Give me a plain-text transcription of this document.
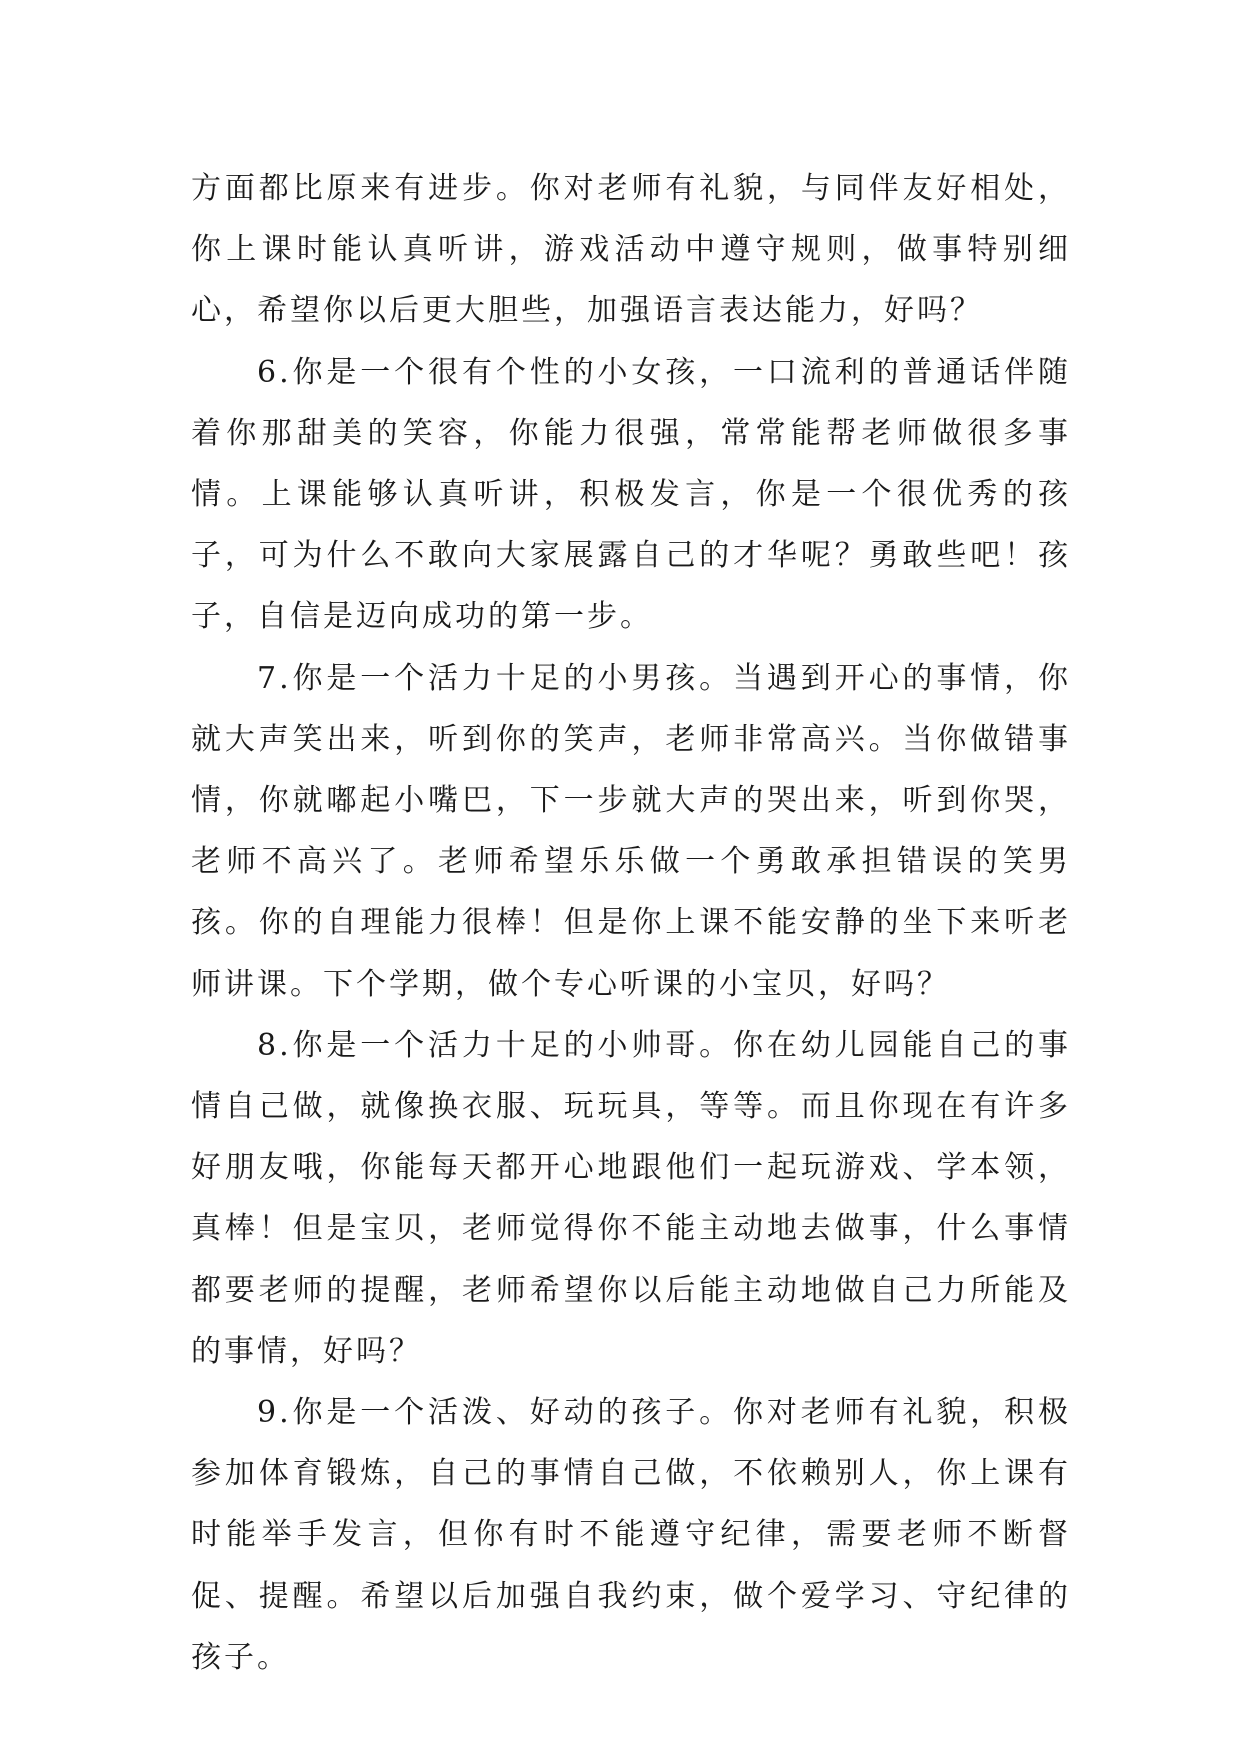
方面都比原来有进步。你对老师有礼貌，与同伴友好相处，你上课时能认真听讲，游戏活动中遵守规则，做事特别细心，希望你以后更大胆些，加强语言表达能力，好吗？

6.你是一个很有个性的小女孩，一口流利的普通话伴随着你那甜美的笑容，你能力很强，常常能帮老师做很多事情。上课能够认真听讲，积极发言，你是一个很优秀的孩子，可为什么不敢向大家展露自己的才华呢？勇敢些吧！孩子，自信是迈向成功的第一步。

7.你是一个活力十足的小男孩。当遇到开心的事情，你就大声笑出来，听到你的笑声，老师非常高兴。当你做错事情，你就嘟起小嘴巴，下一步就大声的哭出来，听到你哭，老师不高兴了。老师希望乐乐做一个勇敢承担错误的笑男孩。你的自理能力很棒！但是你上课不能安静的坐下来听老师讲课。下个学期，做个专心听课的小宝贝，好吗？

8.你是一个活力十足的小帅哥。你在幼儿园能自己的事情自己做，就像换衣服、玩玩具，等等。而且你现在有许多好朋友哦，你能每天都开心地跟他们一起玩游戏、学本领，真棒！但是宝贝，老师觉得你不能主动地去做事，什么事情都要老师的提醒，老师希望你以后能主动地做自己力所能及的事情，好吗？

9.你是一个活泼、好动的孩子。你对老师有礼貌，积极参加体育锻炼，自己的事情自己做，不依赖别人，你上课有时能举手发言，但你有时不能遵守纪律，需要老师不断督促、提醒。希望以后加强自我约束，做个爱学习、守纪律的孩子。
